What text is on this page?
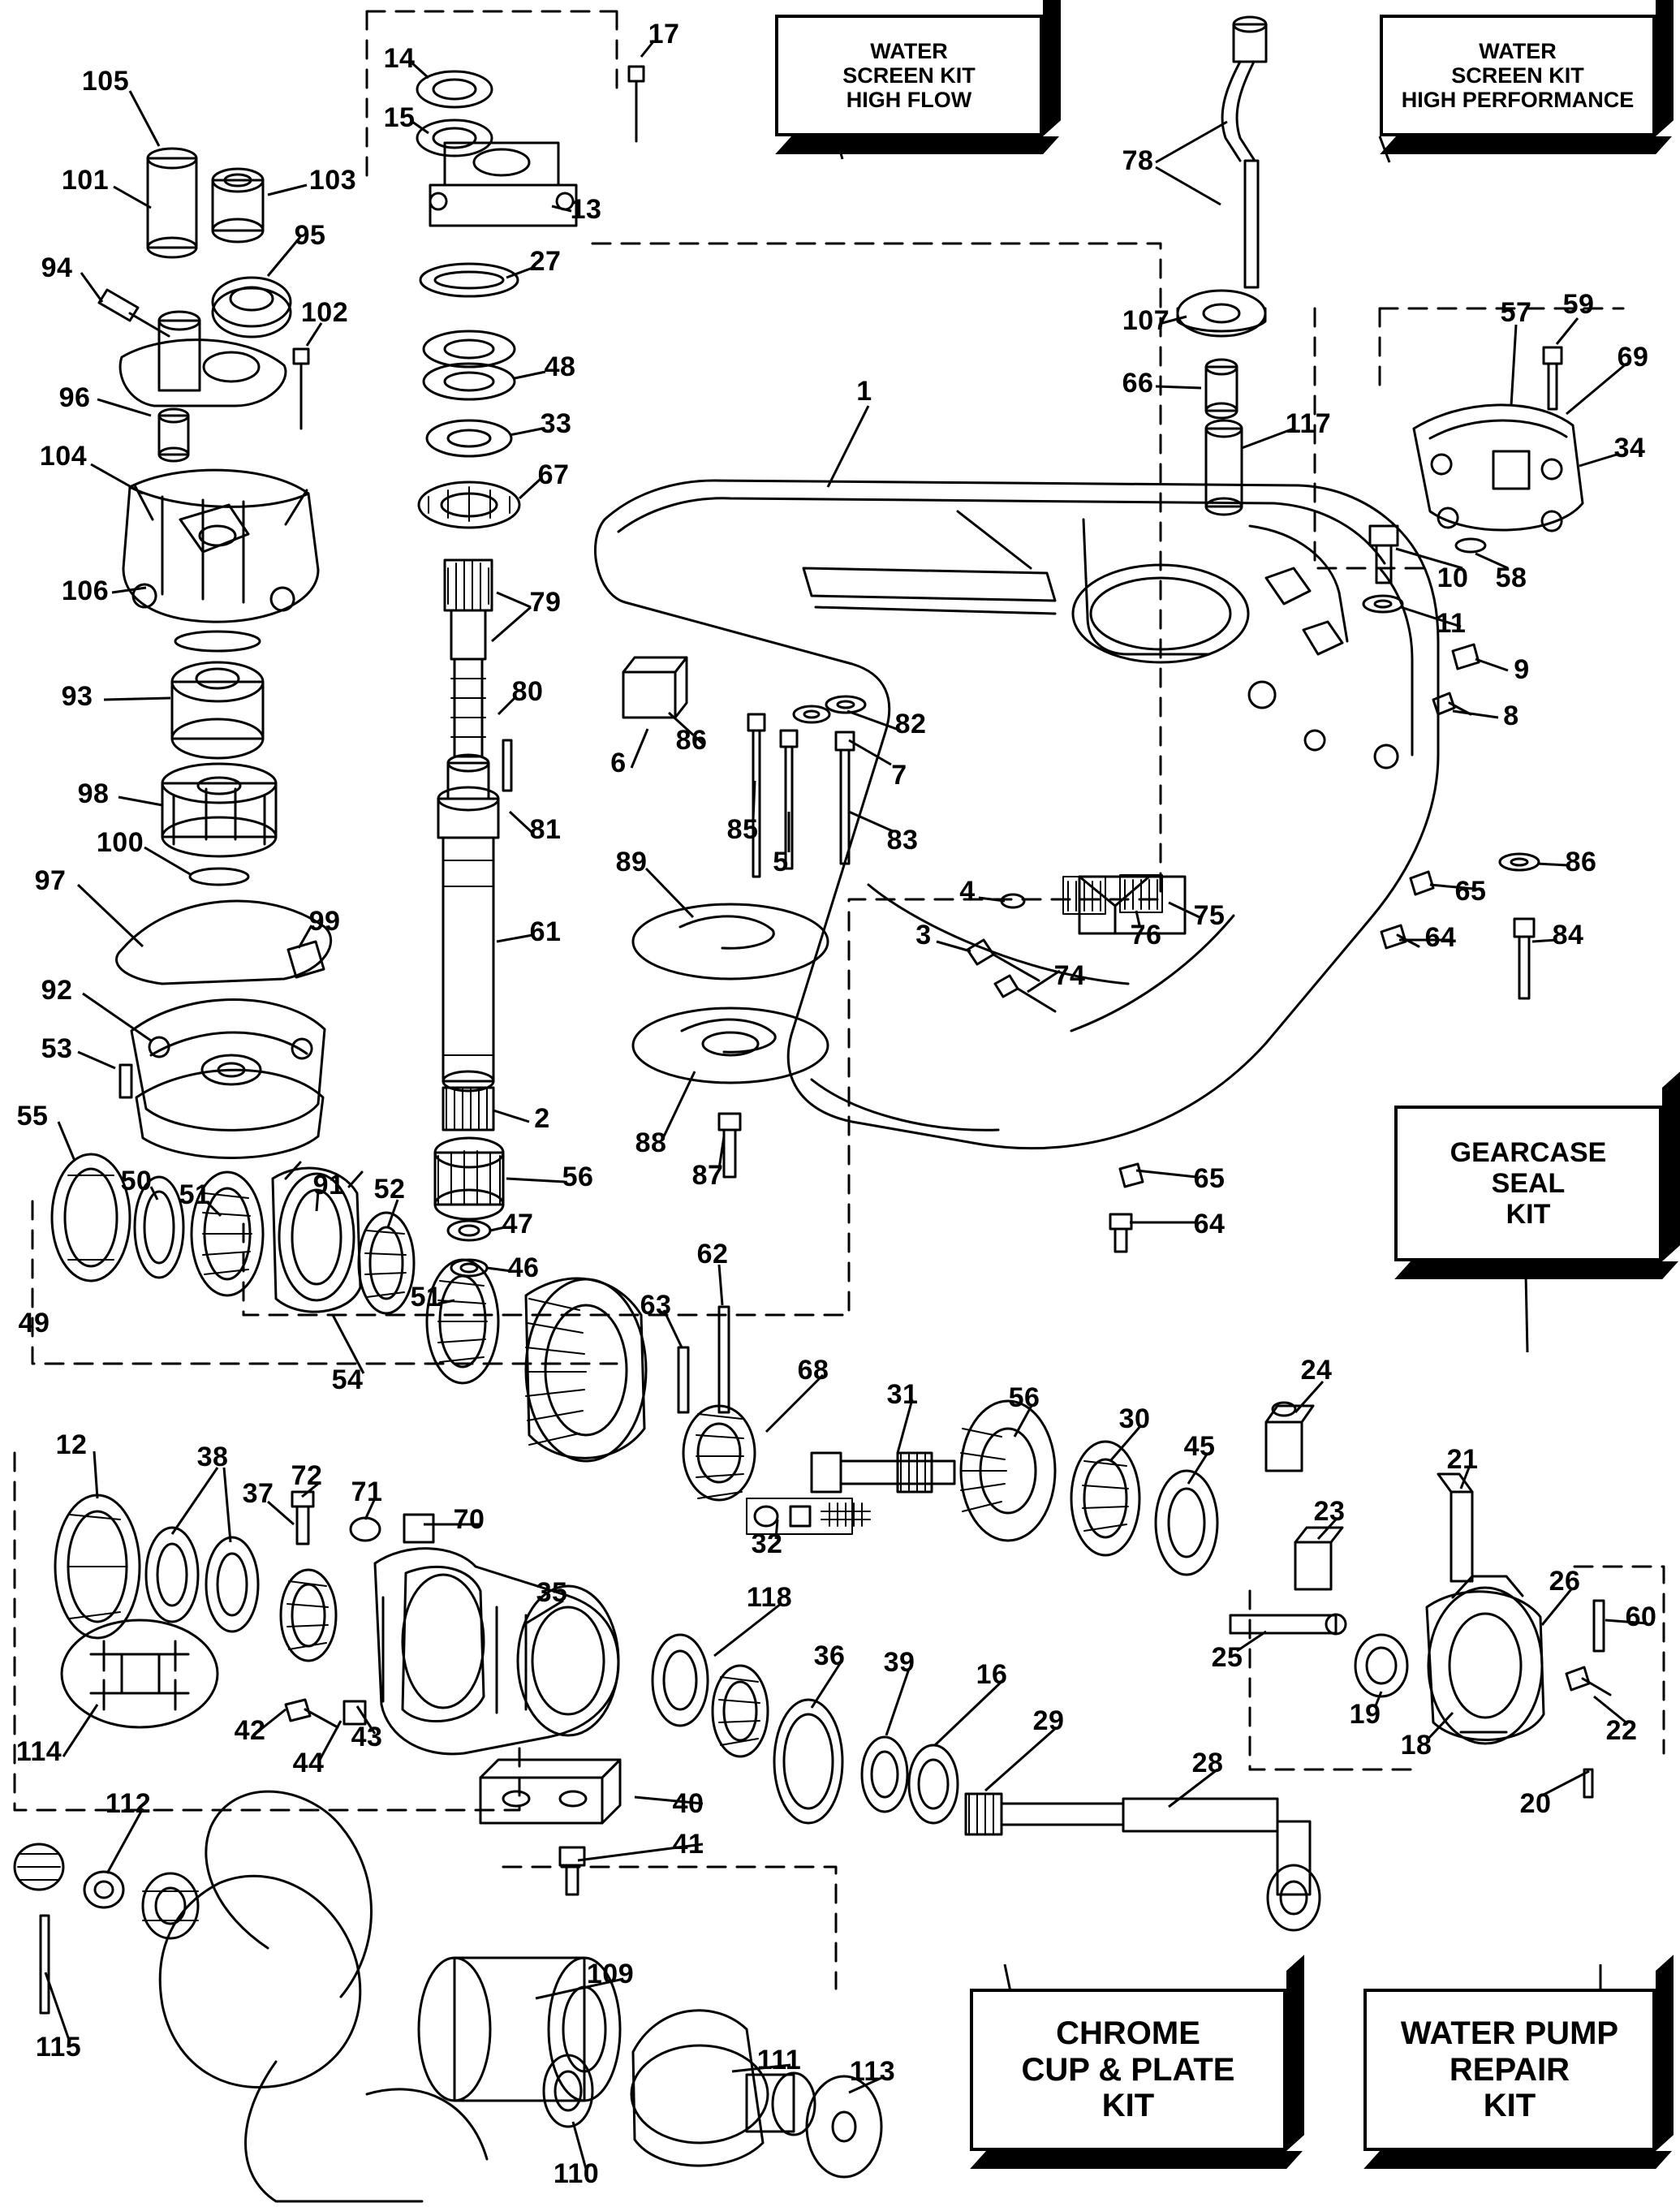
WATER
SCREEN KIT
HIGH FLOW
WATER
SCREEN KIT
HIGH PERFORMANCE
GEARCASE
SEAL
KIT
CHROME
CUP & PLATE
KIT
WATER PUMP
REPAIR
KIT
105
101	103
95
94
102
96
104
106
93
98
100
97
99
92
53
55
50 51	91
49
54
52
51
12	38
37
72
71
70
35
42
44
43
114
112
115
40
41
118
36 39 16
29
28
109
111 113
110
14
15
17
13
27
48
33
67
79
80
81
61
2
56
47
46
1
86
6
85
5
7
82
83
89
88
87
3
4
74
76
75
65
64
78
107
66
117
57 59
69
34
58
10
11
9
8
86
65
64	84
63
62
68
32
31	56
30
45
24
23
25
19
18
21
26
60
22
20
